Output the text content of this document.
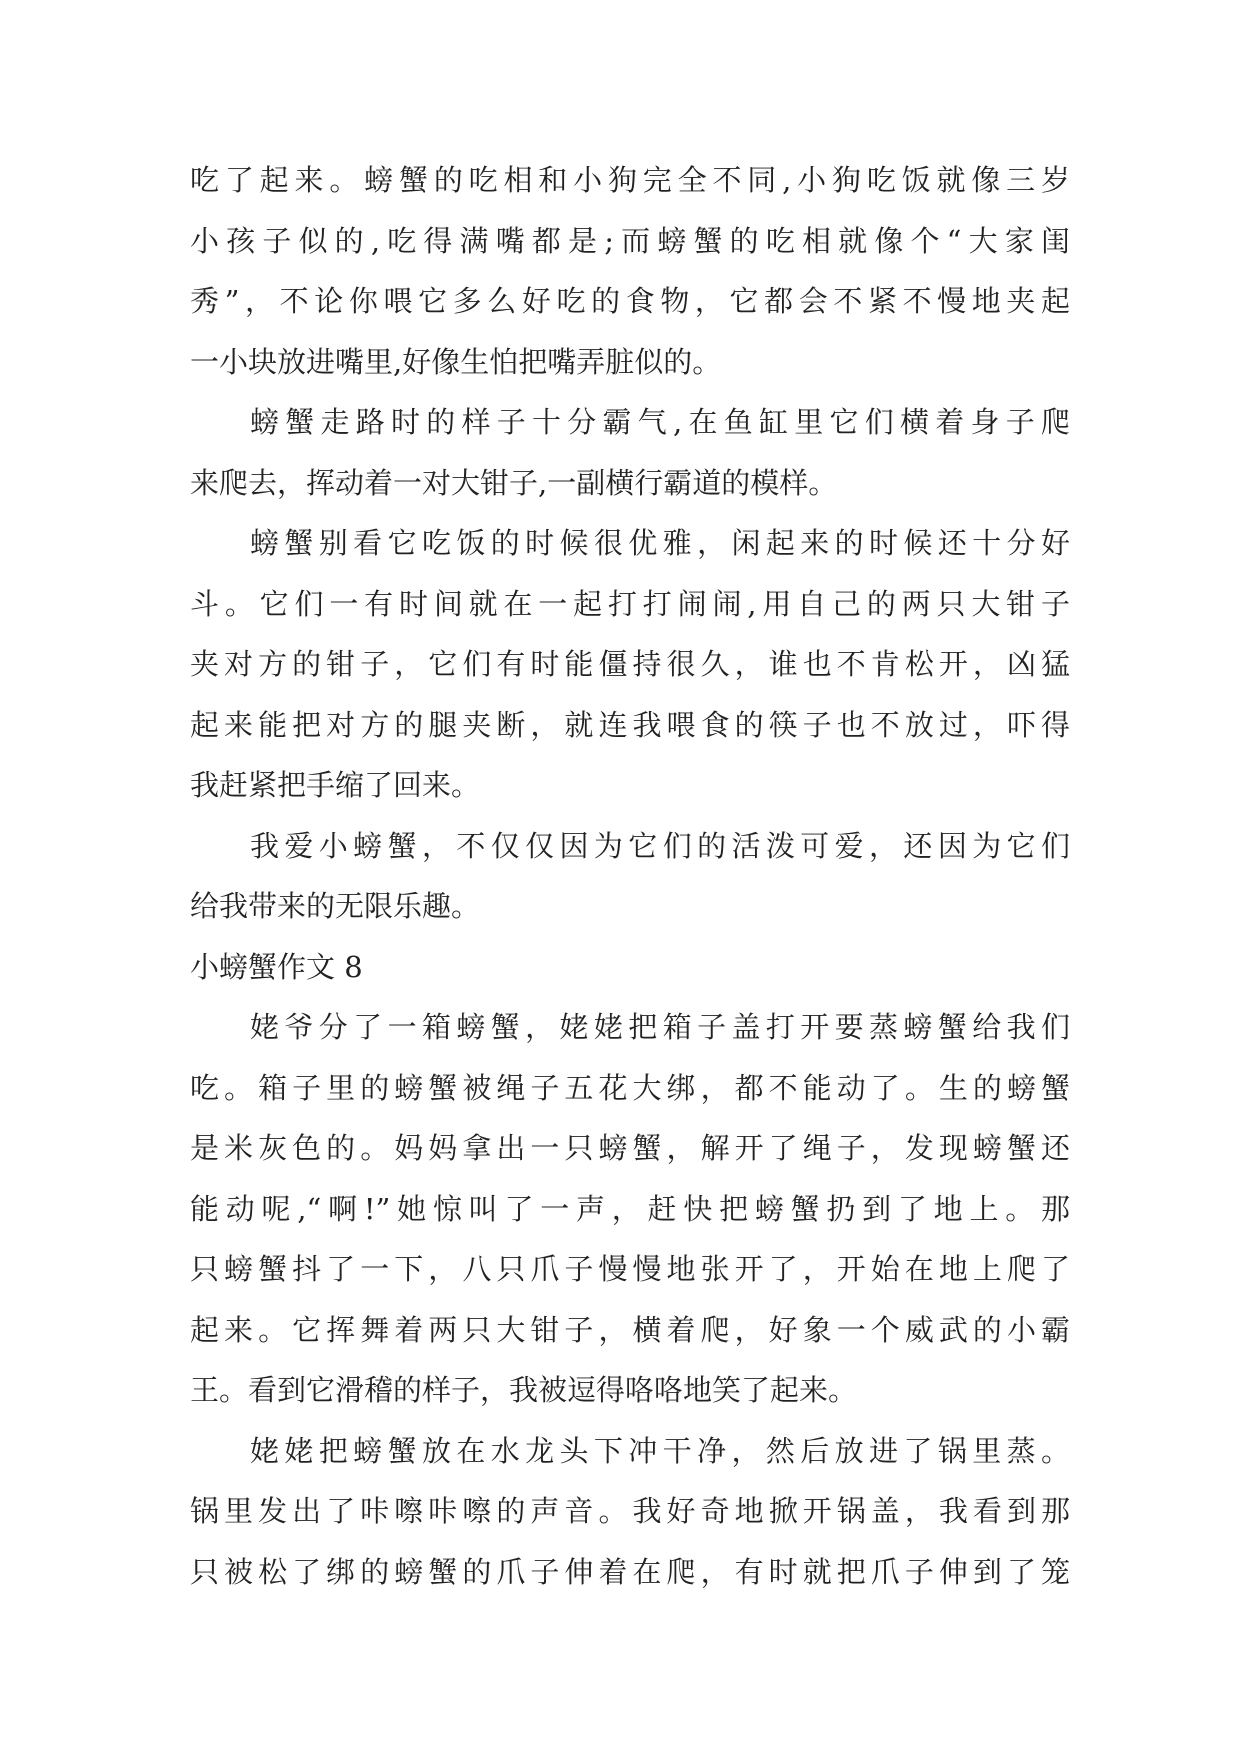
吃了起来。螃蟹的吃相和小狗完全不同,小狗吃饭就像三岁
小孩子似的,吃得满嘴都是;而螃蟹的吃相就像个“大家闺
秀”，不论你喂它多么好吃的食物，它都会不紧不慢地夹起
一小块放进嘴里,好像生怕把嘴弄脏似的。
螃蟹走路时的样子十分霸气,在鱼缸里它们横着身子爬
来爬去，挥动着一对大钳子,一副横行霸道的模样。
螃蟹别看它吃饭的时候很优雅，闲起来的时候还十分好
斗。它们一有时间就在一起打打闹闹,用自己的两只大钳子
夹对方的钳子，它们有时能僵持很久，谁也不肯松开，凶猛
起来能把对方的腿夹断，就连我喂食的筷子也不放过，吓得
我赶紧把手缩了回来。
我爱小螃蟹，不仅仅因为它们的活泼可爱，还因为它们
给我带来的无限乐趣。
小螃蟹作文 8
姥爷分了一箱螃蟹，姥姥把箱子盖打开要蒸螃蟹给我们
吃。箱子里的螃蟹被绳子五花大绑，都不能动了。生的螃蟹
是米灰色的。妈妈拿出一只螃蟹，解开了绳子，发现螃蟹还
能动呢,“啊!”她惊叫了一声，赶快把螃蟹扔到了地上。那
只螃蟹抖了一下，八只爪子慢慢地张开了，开始在地上爬了
起来。它挥舞着两只大钳子，横着爬，好象一个威武的小霸
王。看到它滑稽的样子，我被逗得咯咯地笑了起来。
姥姥把螃蟹放在水龙头下冲干净，然后放进了锅里蒸。
锅里发出了咔嚓咔嚓的声音。我好奇地掀开锅盖，我看到那
只被松了绑的螃蟹的爪子伸着在爬，有时就把爪子伸到了笼
